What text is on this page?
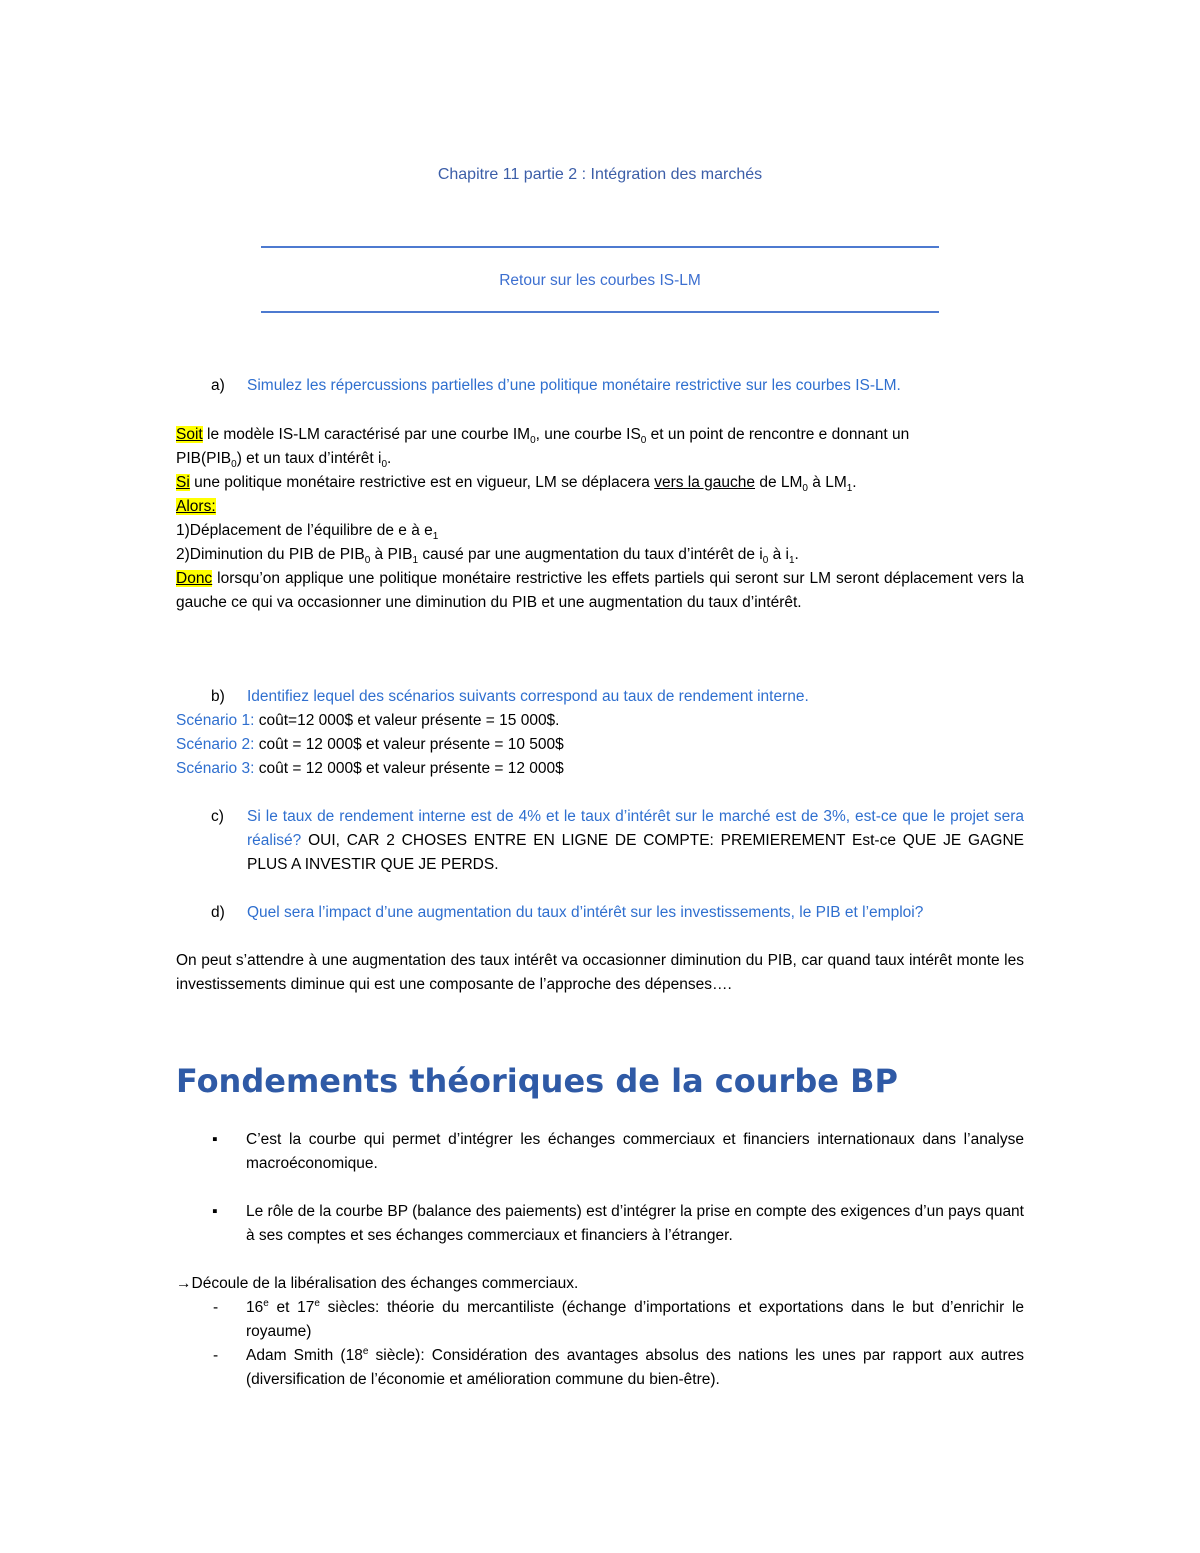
Chapitre 11 partie 2 : Intégration des marchés
Retour sur les courbes IS-LM
a) Simulez les répercussions partielles d’une politique monétaire restrictive sur les courbes IS-LM.
Soit le modèle IS-LM caractérisé par une courbe $IM_0$, une courbe $IS_0$ et un point de rencontre e donnant un
$PIB(PIB_0)$ et un taux d’intérêt $i_0$.
Si une politique monétaire restrictive est en vigueur, LM se déplacera vers la gauche de $LM_0$ à $LM_1$.
Alors:
1)Déplacement de l’équilibre de e à $e_1$
2)Diminution du PIB de $PIB_0$ à $PIB_1$ causé par une augmentation du taux d’intérêt de $i_0$ à $i_1$.
Donc lorsqu’on applique une politique monétaire restrictive les effets partiels qui seront sur LM seront déplacement vers la gauche ce qui va occasionner une diminution du PIB et une augmentation du taux d’intérêt.
b) Identifiez lequel des scénarios suivants correspond au taux de rendement interne.
Scénario 1: coût=12 000$ et valeur présente = 15 000$.
Scénario 2: coût = 12 000$ et valeur présente = 10 500$
Scénario 3: coût = 12 000$ et valeur présente = 12 000$
c) Si le taux de rendement interne est de 4% et le taux d’intérêt sur le marché est de 3%, est-ce que le projet sera réalisé? OUI, CAR 2 CHOSES ENTRE EN LIGNE DE COMPTE: PREMIEREMENT Est-ce QUE JE GAGNE PLUS A INVESTIR QUE JE PERDS.
d) Quel sera l’impact d’une augmentation du taux d’intérêt sur les investissements, le PIB et l’emploi?
On peut s’attendre à une augmentation des taux intérêt va occasionner diminution du PIB, car quand taux intérêt monte les investissements diminue qui est une composante de l’approche des dépenses….
Fondements théoriques de la courbe BP
▪ C’est la courbe qui permet d’intégrer les échanges commerciaux et financiers internationaux dans l’analyse macroéconomique.
▪ Le rôle de la courbe BP (balance des paiements) est d’intégrer la prise en compte des exigences d’un pays quant à ses comptes et ses échanges commerciaux et financiers à l’étranger.
→Découle de la libéralisation des échanges commerciaux.
- 16e et 17e siècles: théorie du mercantiliste (échange d’importations et exportations dans le but d’enrichir le royaume)
- Adam Smith (18e siècle): Considération des avantages absolus des nations les unes par rapport aux autres (diversification de l’économie et amélioration commune du bien-être).
